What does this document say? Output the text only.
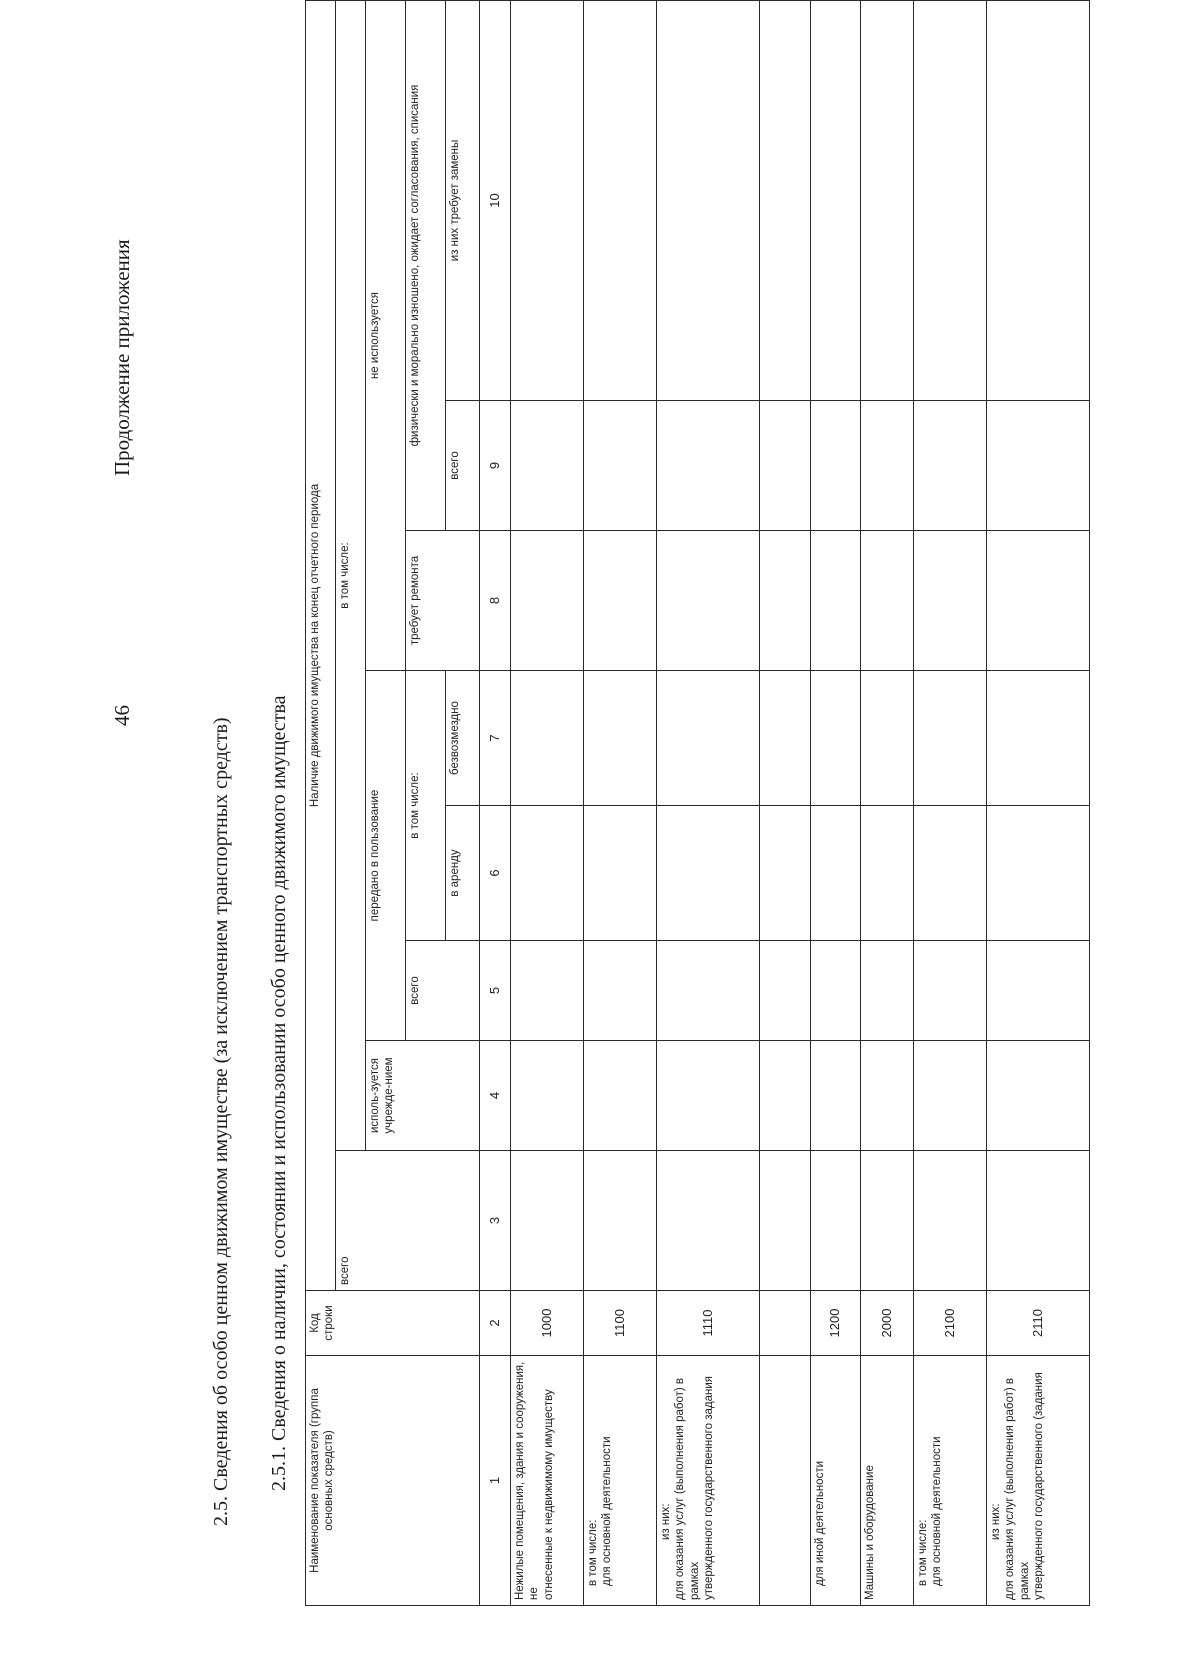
46
Продолжение приложения
2.5. Сведения об особо ценном движимом имуществе (за исключением транспортных средств) 2.5.1. Сведения о наличии, состоянии и использовании особо ценного движимого имущества Наименование показателя (группа основных средств)	Код строки	Наличие движимого имущества на конец отчетного периода							
		всего	в том числе:						
			исполь-зуется учрежде-нием	передано в пользование			не используется		
				всего	в том числе:		требует ремонта	физически и морально изношено, ожидает согласования, списания	
					в аренду	безвозмездно		всего	из них требует замены
1	2	3	4	5	6	7	8	9	10
Нежилые помещения, здания и сооружения, не отнесенные к недвижимому имуществу	1000								

в том числе: для основной деятельности	1100								

из них: для оказания услуг (выполнения работ) в рамках утвержденного государственного задания	1110								

для иной деятельности	1200								
Машины и оборудование	2000								

в том числе: для основной деятельности	2100								

из них: для оказания услуг (выполнения работ) в рамках утвержденного государственного (задания	2110								
